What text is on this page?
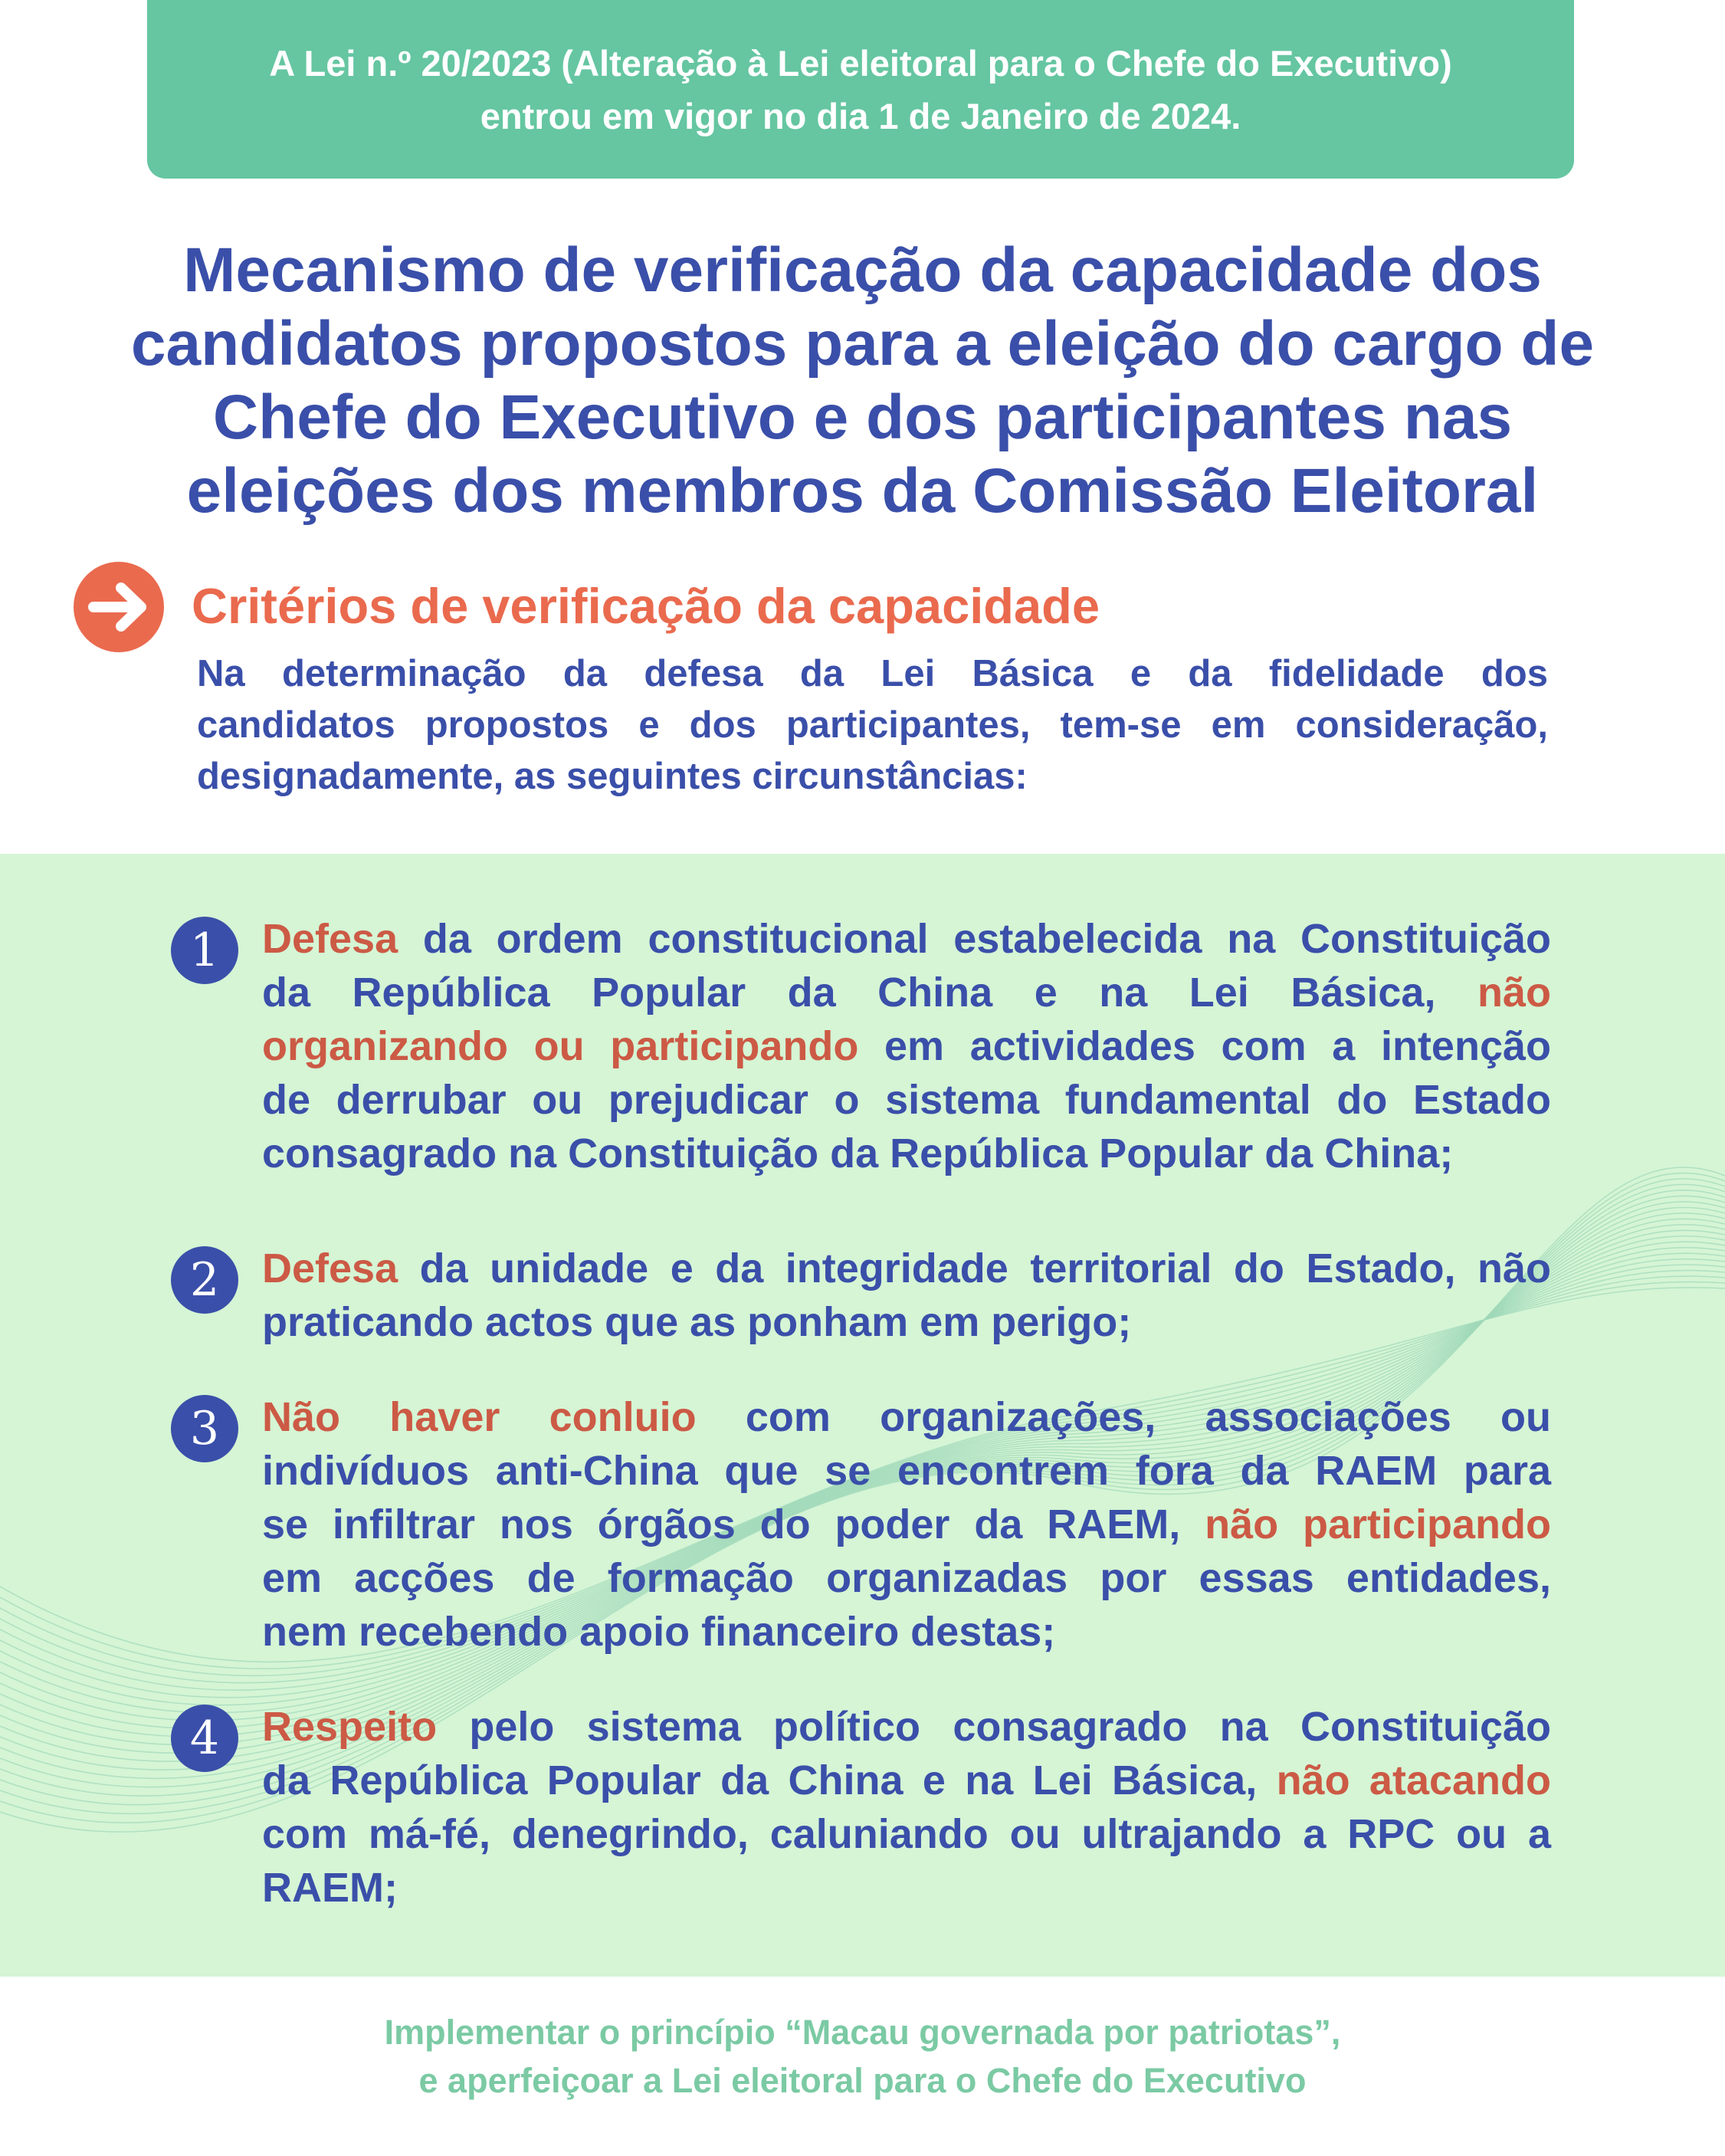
A Lei n.º 20/2023 (Alteração à Lei eleitoral para o Chefe do Executivo)
entrou em vigor no dia 1 de Janeiro de 2024.
Mecanismo de verificação da capacidade dos
candidatos propostos para a eleição do cargo de
Chefe do Executivo e dos participantes nas
eleições dos membros da Comissão Eleitoral
Critérios de verificação da capacidade
Na determinação da defesa da Lei Básica e da fidelidade dos
candidatos propostos e dos participantes, tem-se em consideração,
designadamente, as seguintes circunstâncias:
1	Defesa da ordem constitucional estabelecida na Constituição
da República Popular da China e na Lei Básica, não
organizando ou participando em actividades com a intenção
de derrubar ou prejudicar o sistema fundamental do Estado
consagrado na Constituição da República Popular da China;
2	Defesa da unidade e da integridade territorial do Estado, não
praticando actos que as ponham em perigo;
3	Não haver conluio com organizações, associações ou
indivíduos anti-China que se encontrem fora da RAEM para
se infiltrar nos órgãos do poder da RAEM, não participando
em acções de formação organizadas por essas entidades,
nem recebendo apoio financeiro destas;
4	Respeito pelo sistema político consagrado na Constituição
da República Popular da China e na Lei Básica, não atacando
com má-fé, denegrindo, caluniando ou ultrajando a RPC ou a
RAEM;
Implementar o princípio “Macau governada por patriotas”,
e aperfeiçoar a Lei eleitoral para o Chefe do Executivo
